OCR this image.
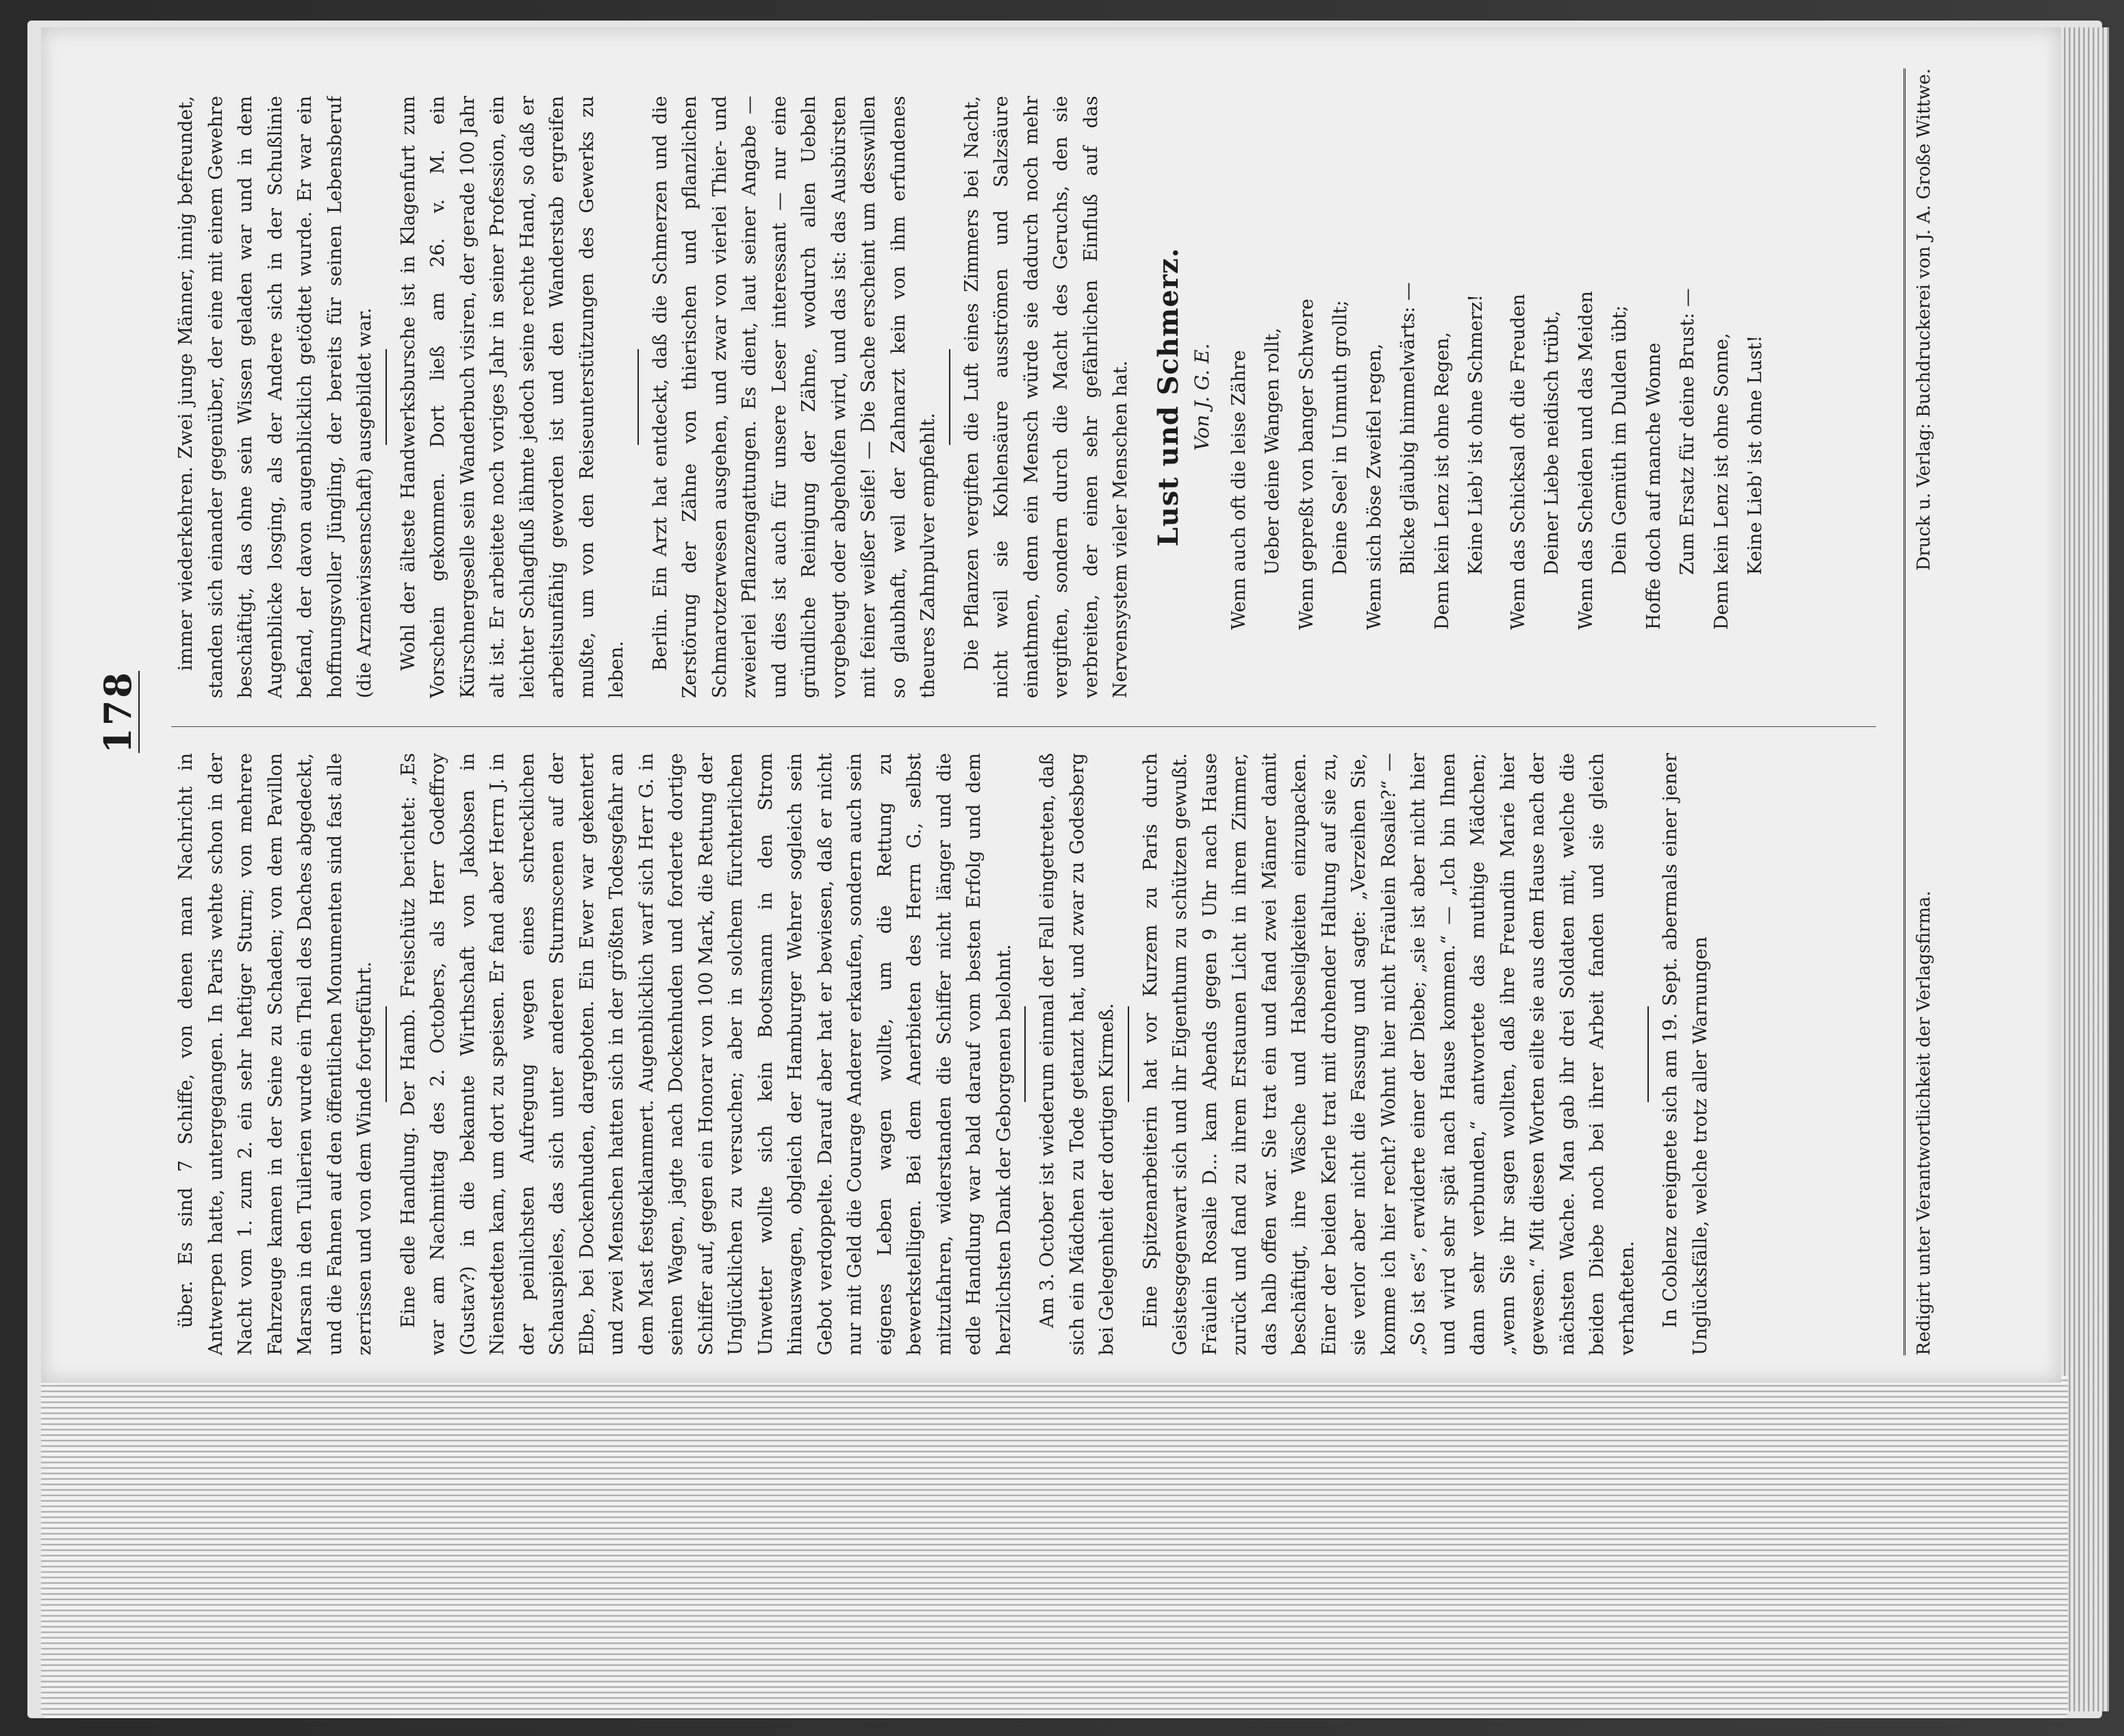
178

über. Es sind 7 Schiffe, von denen man Nachricht in Antwerpen hatte, untergegangen. In Paris wehte schon in der Nacht vom 1. zum 2. ein sehr heftiger Sturm; von mehrere Fahrzeuge kamen in der Seine zu Schaden; von dem Pavillon Marsan in den Tuilerien wurde ein Theil des Daches abgedeckt, und die Fahnen auf den öffentlichen Monumenten sind fast alle zerrissen und von dem Winde fortgeführt. Eine edle Handlung. Der Hamb. Freischütz berichtet: „Es war am Nachmittag des 2. Octobers, als Herr Godeffroy (Gustav?) in die bekannte Wirthschaft von Jakobsen in Nienstedten kam, um dort zu speisen. Er fand aber Herrn J. in der peinlichsten Aufregung wegen eines schrecklichen Schauspieles, das sich unter anderen Sturmscenen auf der Elbe, bei Dockenhuden, dargeboten. Ein Ewer war gekentert und zwei Menschen hatten sich in der größten Todesgefahr an dem Mast festgeklammert. Augenblicklich warf sich Herr G. in seinen Wagen, jagte nach Dockenhuden und forderte dortige Schiffer auf, gegen ein Honorar von 100 Mark, die Rettung der Unglücklichen zu versuchen; aber in solchem fürchterlichen Unwetter wollte sich kein Bootsmann in den Strom hinauswagen, obgleich der Hamburger Wehrer sogleich sein Gebot verdoppelte. Darauf aber hat er bewiesen, daß er nicht nur mit Geld die Courage Anderer erkaufen, sondern auch sein eigenes Leben wagen wollte, um die Rettung zu bewerkstelligen. Bei dem Anerbieten des Herrn G., selbst mitzufahren, widerstanden die Schiffer nicht länger und die edle Handlung war bald darauf vom besten Erfolg und dem herzlichsten Dank der Geborgenen belohnt. Am 3. October ist wiederum einmal der Fall eingetreten, daß sich ein Mädchen zu Tode getanzt hat, und zwar zu Godesberg bei Gelegenheit der dortigen Kirmeß. Eine Spitzenarbeiterin hat vor Kurzem zu Paris durch Geistesgegenwart sich und ihr Eigenthum zu schützen gewußt. Fräulein Rosalie D... kam Abends gegen 9 Uhr nach Hause zurück und fand zu ihrem Erstaunen Licht in ihrem Zimmer, das halb offen war. Sie trat ein und fand zwei Männer damit beschäftigt, ihre Wäsche und Habseligkeiten einzupacken. Einer der beiden Kerle trat mit drohender Haltung auf sie zu, sie verlor aber nicht die Fassung und sagte: „Verzeihen Sie, komme ich hier recht? Wohnt hier nicht Fräulein Rosalie?“ — „So ist es“, erwiderte einer der Diebe; „sie ist aber nicht hier und wird sehr spät nach Hause kommen.“ — „Ich bin Ihnen dann sehr verbunden,“ antwortete das muthige Mädchen; „wenn Sie ihr sagen wollten, daß ihre Freundin Marie hier gewesen.“ Mit diesen Worten eilte sie aus dem Hause nach der nächsten Wache. Man gab ihr drei Soldaten mit, welche die beiden Diebe noch bei ihrer Arbeit fanden und sie gleich verhafteten. In Coblenz ereignete sich am 19. Sept. abermals einer jener Unglücksfälle, welche trotz aller Warnungen

immer wiederkehren. Zwei junge Männer, innig befreundet, standen sich einander gegenüber, der eine mit einem Gewehre beschäftigt, das ohne sein Wissen geladen war und in dem Augenblicke losging, als der Andere sich in der Schußlinie befand, der davon augenblicklich getödtet wurde. Er war ein hoffnungsvoller Jüngling, der bereits für seinen Lebensberuf (die Arzneiwissenschaft) ausgebildet war. Wohl der älteste Handwerksbursche ist in Klagenfurt zum Vorschein gekommen. Dort ließ am 26. v. M. ein Kürschnergeselle sein Wanderbuch visiren, der gerade 100 Jahr alt ist. Er arbeitete noch voriges Jahr in seiner Profession, ein leichter Schlagfluß lähmte jedoch seine rechte Hand, so daß er arbeitsunfähig geworden ist und den Wanderstab ergreifen mußte, um von den Reiseunterstützungen des Gewerks zu leben. Berlin. Ein Arzt hat entdeckt, daß die Schmerzen und die Zerstörung der Zähne von thierischen und pflanzlichen Schmarotzerwesen ausgehen, und zwar von vierlei Thier- und zweierlei Pflanzengattungen. Es dient, laut seiner Angabe — und dies ist auch für unsere Leser interessant — nur eine gründliche Reinigung der Zähne, wodurch allen Uebeln vorgebeugt oder abgeholfen wird, und das ist: das Ausbürsten mit feiner weißer Seife! — Die Sache erscheint um desswillen so glaubhaft, weil der Zahnarzt kein von ihm erfundenes theures Zahnpulver empfiehlt. Die Pflanzen vergiften die Luft eines Zimmers bei Nacht, nicht weil sie Kohlensäure ausströmen und Salzsäure einathmen, denn ein Mensch würde sie dadurch noch mehr vergiften, sondern durch die Macht des Geruchs, den sie verbreiten, der einen sehr gefährlichen Einfluß auf das Nervensystem vieler Menschen hat. Lust und Schmerz. Von J. G. E. Wenn auch oft die leise Zähre Ueber deine Wangen rollt, Wenn gepreßt von banger Schwere Deine Seel' in Unmuth grollt; Wenn sich böse Zweifel regen, Blicke gläubig himmelwärts: — Denn kein Lenz ist ohne Regen, Keine Lieb' ist ohne Schmerz! Wenn das Schicksal oft die Freuden Deiner Liebe neidisch trübt, Wenn das Scheiden und das Meiden Dein Gemüth im Dulden übt; Hoffe doch auf manche Wonne Zum Ersatz für deine Brust: — Denn kein Lenz ist ohne Sonne, Keine Lieb' ist ohne Lust!

Redigirt unter Verantwortlichkeit der Verlagsfirma.
Druck u. Verlag: Buchdruckerei von J. A. Große Wittwe.
